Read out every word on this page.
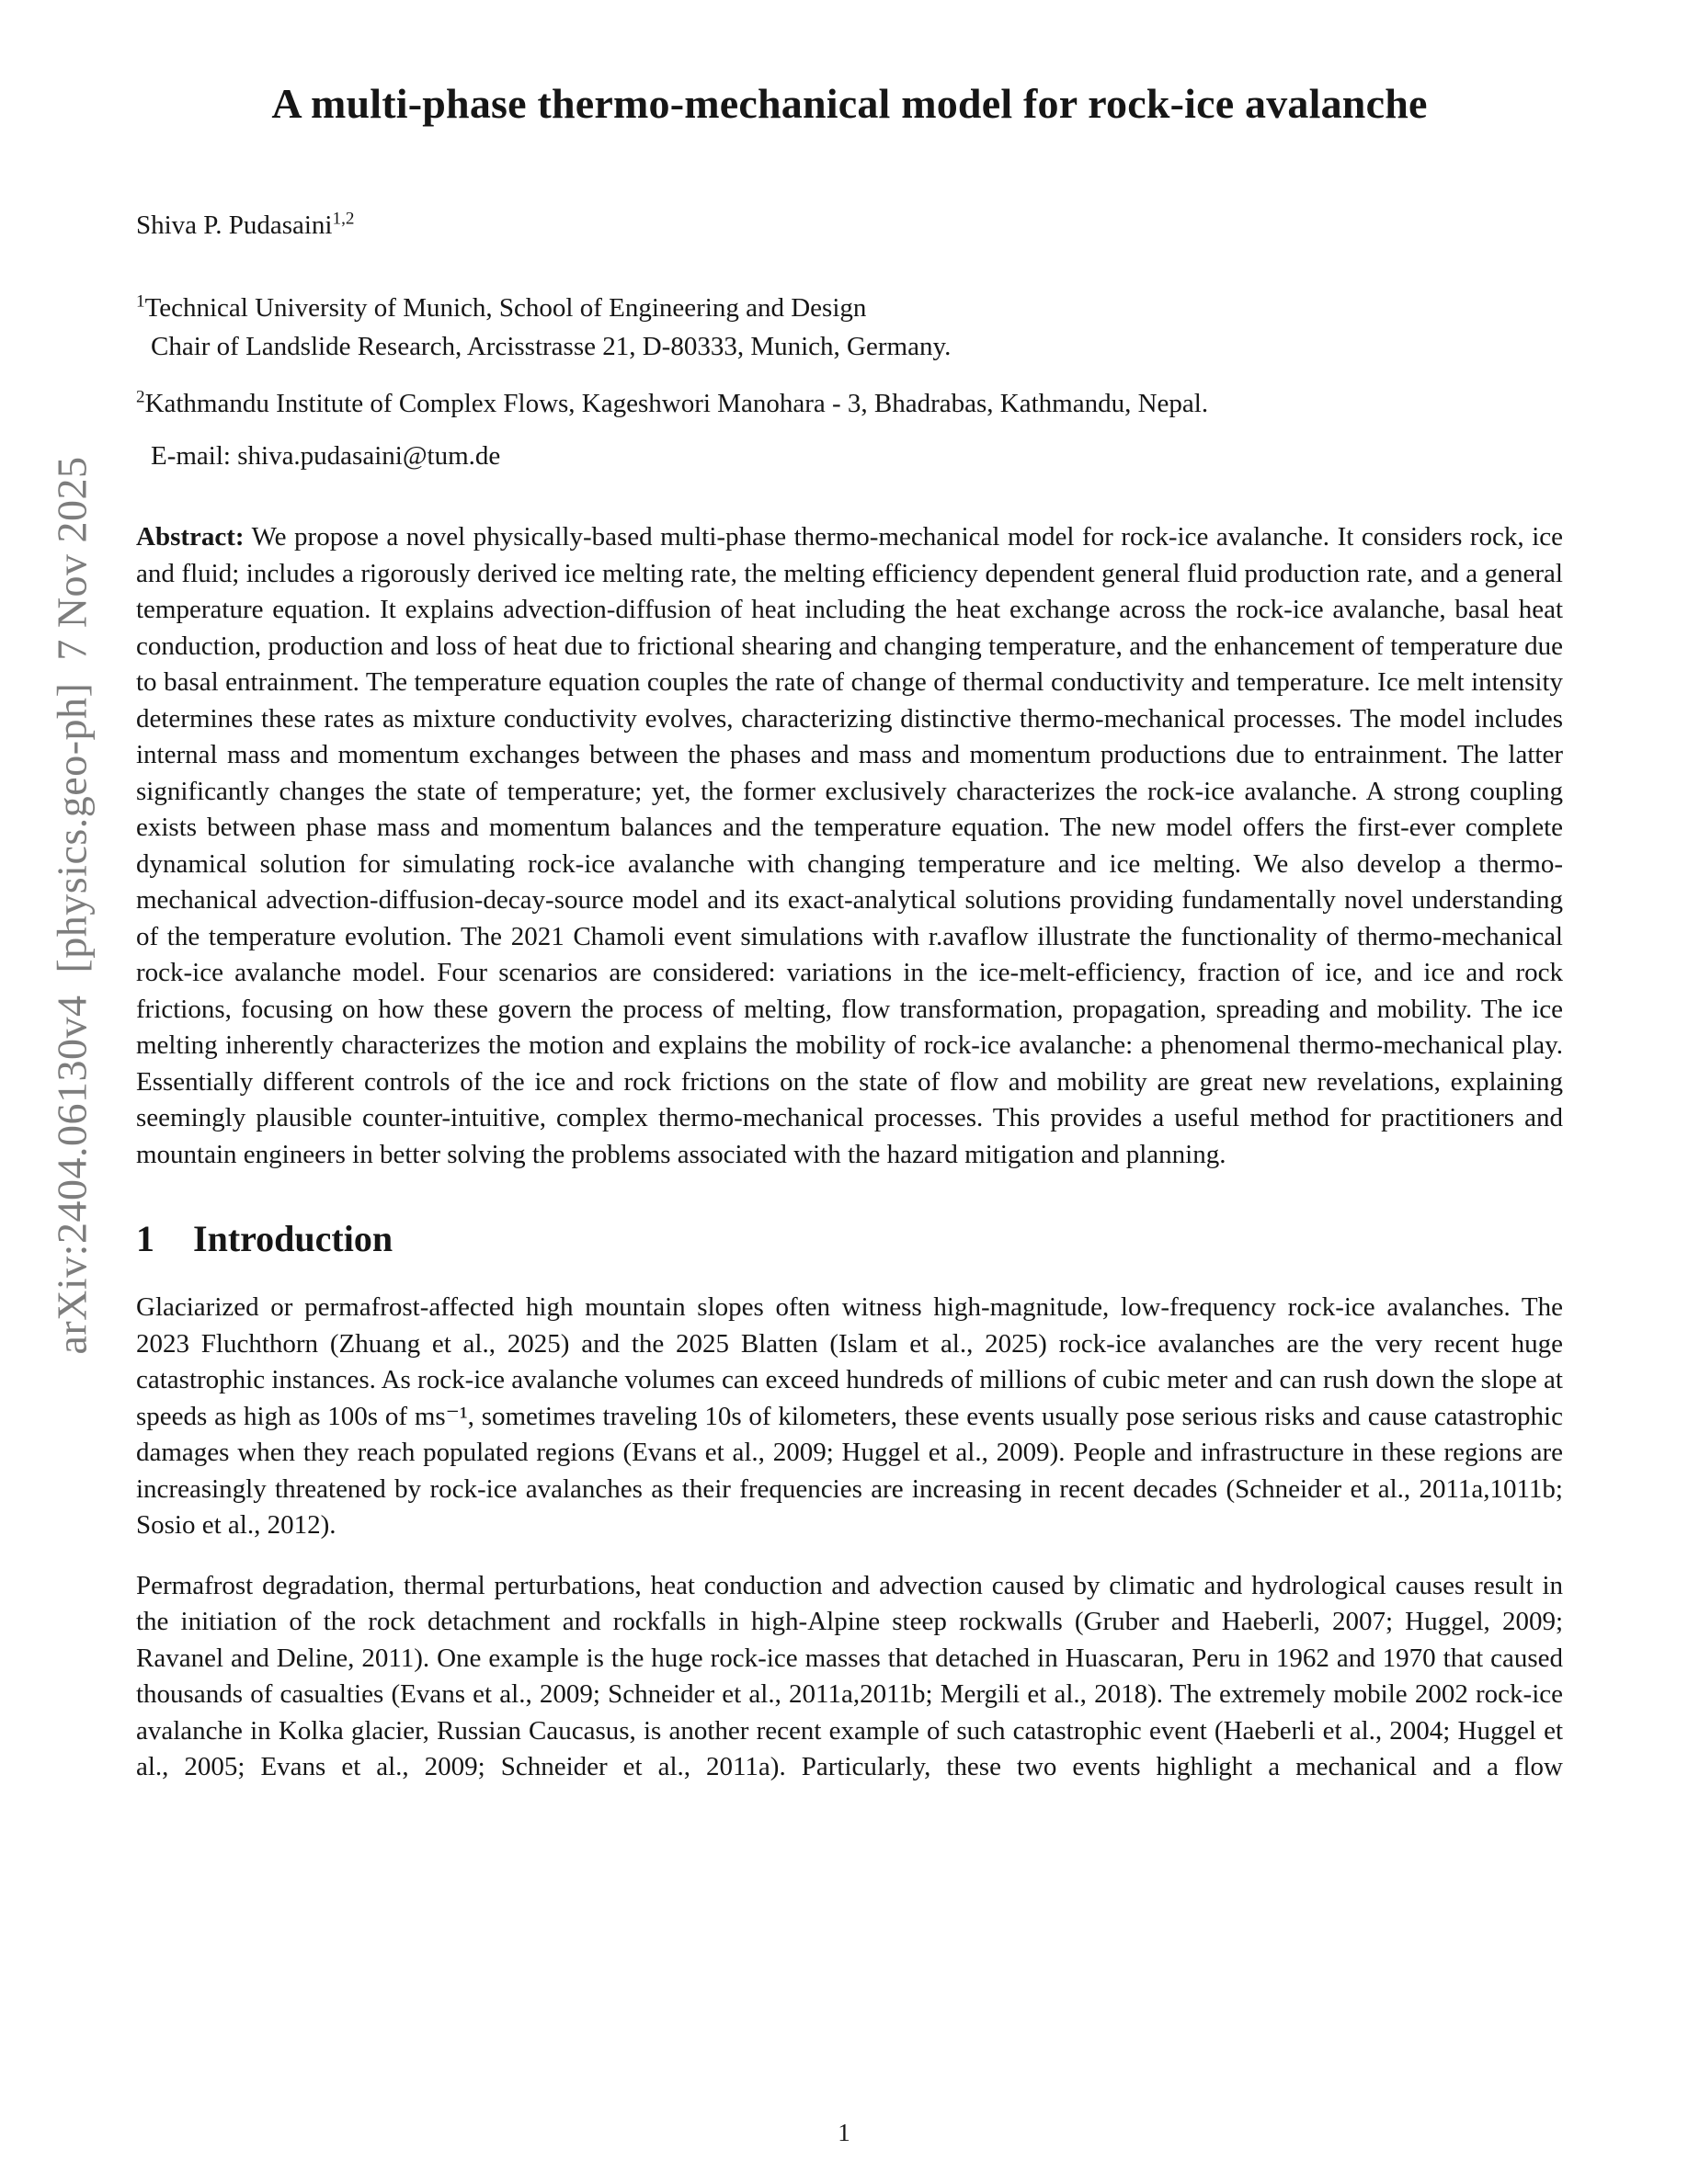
arXiv:2404.06130v4  [physics.geo-ph]  7 Nov 2025
A multi-phase thermo-mechanical model for rock-ice avalanche
Shiva P. Pudasaini$^{1,2}$
$^1$Technical University of Munich, School of Engineering and Design
Chair of Landslide Research, Arcisstrasse 21, D-80333, Munich, Germany.
$^2$Kathmandu Institute of Complex Flows, Kageshwori Manohara - 3, Bhadrabas, Kathmandu, Nepal.
E-mail: shiva.pudasaini@tum.de
Abstract: We propose a novel physically-based multi-phase thermo-mechanical model for rock-ice avalanche. It considers rock, ice and fluid; includes a rigorously derived ice melting rate, the melting efficiency dependent general fluid production rate, and a general temperature equation. It explains advection-diffusion of heat including the heat exchange across the rock-ice avalanche, basal heat conduction, production and loss of heat due to frictional shearing and changing temperature, and the enhancement of temperature due to basal entrainment. The temperature equation couples the rate of change of thermal conductivity and temperature. Ice melt intensity determines these rates as mixture conductivity evolves, characterizing distinctive thermo-mechanical processes. The model includes internal mass and momentum exchanges between the phases and mass and momentum productions due to entrainment. The latter significantly changes the state of temperature; yet, the former exclusively characterizes the rock-ice avalanche. A strong coupling exists between phase mass and momentum balances and the temperature equation. The new model offers the first-ever complete dynamical solution for simulating rock-ice avalanche with changing temperature and ice melting. We also develop a thermo-mechanical advection-diffusion-decay-source model and its exact-analytical solutions providing fundamentally novel understanding of the temperature evolution. The 2021 Chamoli event simulations with r.avaflow illustrate the functionality of thermo-mechanical rock-ice avalanche model. Four scenarios are considered: variations in the ice-melt-efficiency, fraction of ice, and ice and rock frictions, focusing on how these govern the process of melting, flow transformation, propagation, spreading and mobility. The ice melting inherently characterizes the motion and explains the mobility of rock-ice avalanche: a phenomenal thermo-mechanical play. Essentially different controls of the ice and rock frictions on the state of flow and mobility are great new revelations, explaining seemingly plausible counter-intuitive, complex thermo-mechanical processes. This provides a useful method for practitioners and mountain engineers in better solving the problems associated with the hazard mitigation and planning.
1 Introduction
Glaciarized or permafrost-affected high mountain slopes often witness high-magnitude, low-frequency rock-ice avalanches. The 2023 Fluchthorn (Zhuang et al., 2025) and the 2025 Blatten (Islam et al., 2025) rock-ice avalanches are the very recent huge catastrophic instances. As rock-ice avalanche volumes can exceed hundreds of millions of cubic meter and can rush down the slope at speeds as high as 100s of ms⁻¹, sometimes traveling 10s of kilometers, these events usually pose serious risks and cause catastrophic damages when they reach populated regions (Evans et al., 2009; Huggel et al., 2009). People and infrastructure in these regions are increasingly threatened by rock-ice avalanches as their frequencies are increasing in recent decades (Schneider et al., 2011a,1011b; Sosio et al., 2012).
Permafrost degradation, thermal perturbations, heat conduction and advection caused by climatic and hydrological causes result in the initiation of the rock detachment and rockfalls in high-Alpine steep rockwalls (Gruber and Haeberli, 2007; Huggel, 2009; Ravanel and Deline, 2011). One example is the huge rock-ice masses that detached in Huascaran, Peru in 1962 and 1970 that caused thousands of casualties (Evans et al., 2009; Schneider et al., 2011a,2011b; Mergili et al., 2018). The extremely mobile 2002 rock-ice avalanche in Kolka glacier, Russian Caucasus, is another recent example of such catastrophic event (Haeberli et al., 2004; Huggel et al., 2005; Evans et al., 2009; Schneider et al., 2011a). Particularly, these two events highlight a mechanical and a flow
1
